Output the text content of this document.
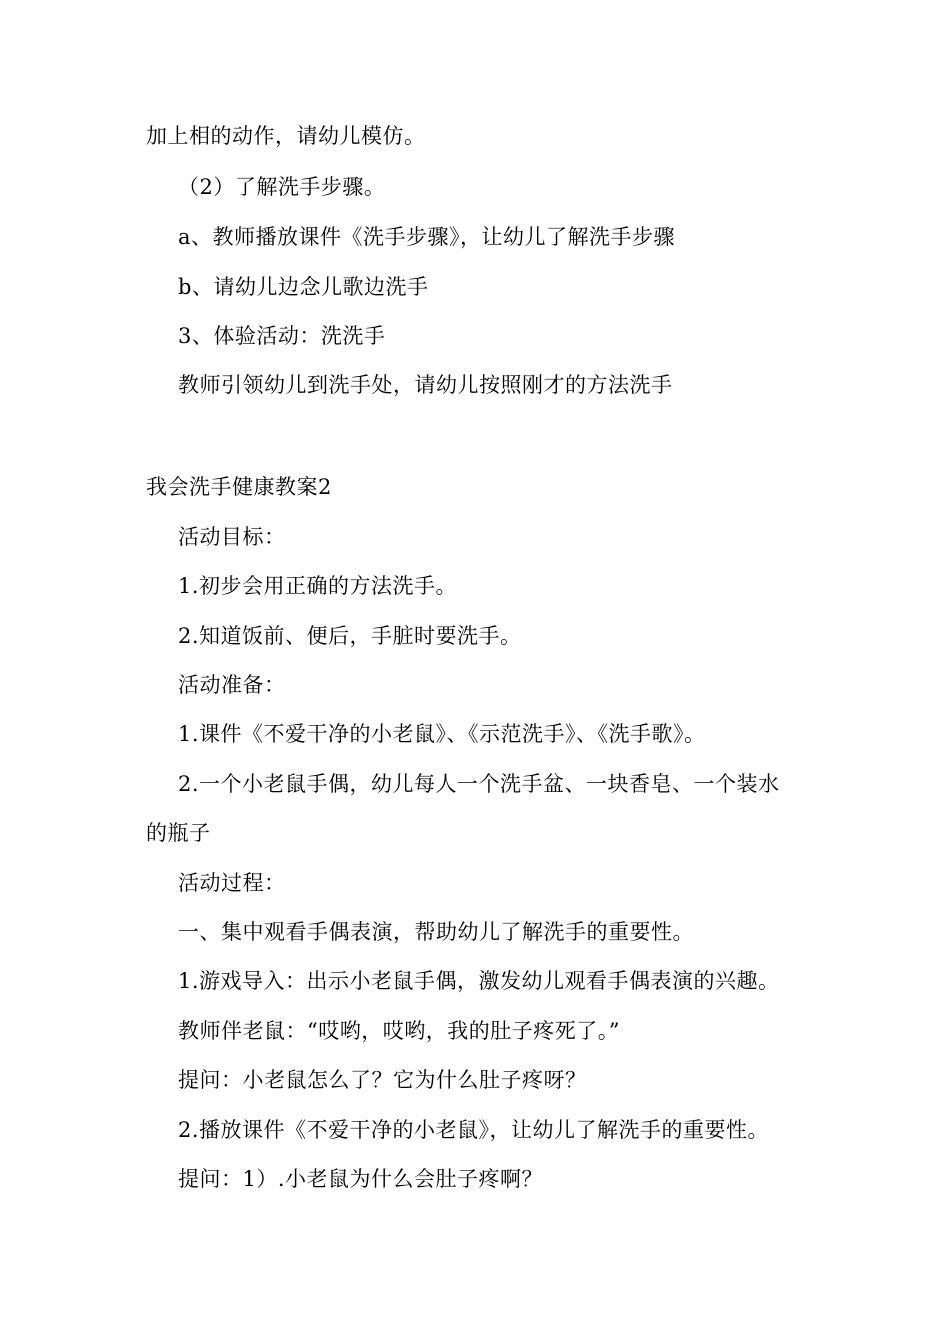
加上相的动作，请幼儿模仿。
（2）了解洗手步骤。
a、教师播放课件《洗手步骤》，让幼儿了解洗手步骤
b、请幼儿边念儿歌边洗手
3、体验活动：洗洗手
教师引领幼儿到洗手处，请幼儿按照刚才的方法洗手
我会洗手健康教案2
活动目标：
1.初步会用正确的方法洗手。
2.知道饭前、便后，手脏时要洗手。
活动准备：
1.课件《不爱干净的小老鼠》、《示范洗手》、《洗手歌》。
2.一个小老鼠手偶，幼儿每人一个洗手盆、一块香皂、一个装水
的瓶子
活动过程：
一、集中观看手偶表演，帮助幼儿了解洗手的重要性。
1.游戏导入：出示小老鼠手偶，激发幼儿观看手偶表演的兴趣。
教师伴老鼠：“哎哟，哎哟，我的肚子疼死了。”
提问：小老鼠怎么了？它为什么肚子疼呀？
2.播放课件《不爱干净的小老鼠》，让幼儿了解洗手的重要性。
提问：1）.小老鼠为什么会肚子疼啊？
